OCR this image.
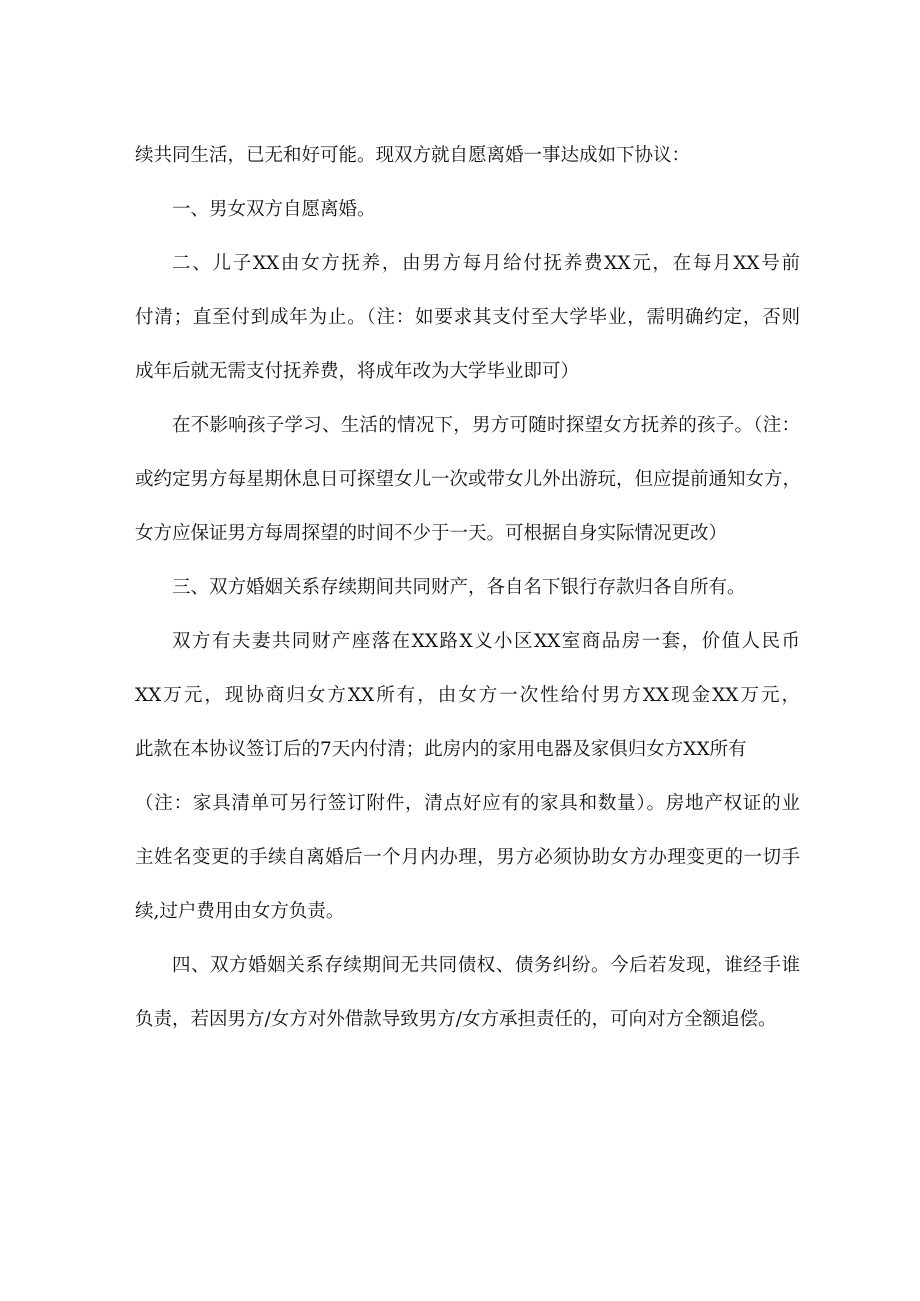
续共同生活，已无和好可能。现双方就自愿离婚一事达成如下协议：
一、男女双方自愿离婚。
二、儿子XX由女方抚养，由男方每月给付抚养费XX元，在每月XX号前
付清；直至付到成年为止。（注：如要求其支付至大学毕业，需明确约定，否则
成年后就无需支付抚养费，将成年改为大学毕业即可）
在不影响孩子学习、生活的情况下，男方可随时探望女方抚养的孩子。（注：
或约定男方每星期休息日可探望女儿一次或带女儿外出游玩，但应提前通知女方，
女方应保证男方每周探望的时间不少于一天。可根据自身实际情况更改）
三、双方婚姻关系存续期间共同财产，各自名下银行存款归各自所有。
双方有夫妻共同财产座落在XX路X义小区XX室商品房一套，价值人民币
XX万元，现协商归女方XX所有，由女方一次性给付男方XX现金XX万元，
此款在本协议签订后的7天内付清；此房内的家用电器及家俱归女方XX所有
（注：家具清单可另行签订附件，清点好应有的家具和数量）。房地产权证的业
主姓名变更的手续自离婚后一个月内办理，男方必须协助女方办理变更的一切手
续,过户费用由女方负责。
四、双方婚姻关系存续期间无共同债权、债务纠纷。今后若发现，谁经手谁
负责，若因男方/女方对外借款导致男方/女方承担责任的，可向对方全额追偿。
